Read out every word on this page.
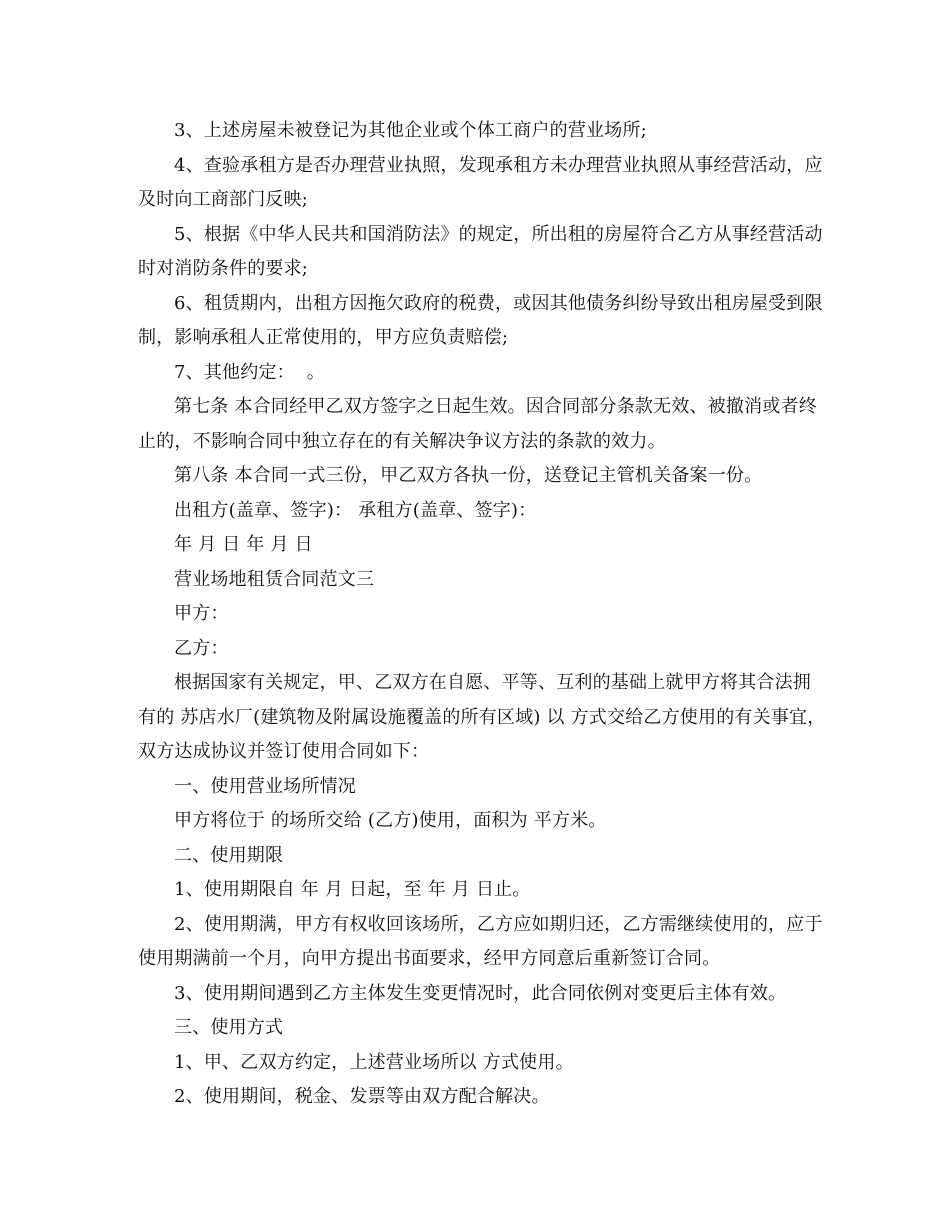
3、上述房屋未被登记为其他企业或个体工商户的营业场所;

4、查验承租方是否办理营业执照，发现承租方未办理营业执照从事经营活动，应及时向工商部门反映;

5、根据《中华人民共和国消防法》的规定，所出租的房屋符合乙方从事经营活动时对消防条件的要求;

6、租赁期内，出租方因拖欠政府的税费，或因其他债务纠纷导致出租房屋受到限制，影响承租人正常使用的，甲方应负责赔偿;

7、其他约定：  。

第七条 本合同经甲乙双方签字之日起生效。因合同部分条款无效、被撤消或者终止的，不影响合同中独立存在的有关解决争议方法的条款的效力。

第八条 本合同一式三份，甲乙双方各执一份，送登记主管机关备案一份。

出租方(盖章、签字)： 承租方(盖章、签字)：

年 月 日 年 月 日

营业场地租赁合同范文三

甲方：

乙方：

根据国家有关规定，甲、乙双方在自愿、平等、互利的基础上就甲方将其合法拥有的 苏店水厂(建筑物及附属设施覆盖的所有区域) 以 方式交给乙方使用的有关事宜，双方达成协议并签订使用合同如下：

一、使用营业场所情况

甲方将位于 的场所交给 (乙方)使用，面积为 平方米。

二、使用期限

1、使用期限自 年 月 日起，至 年 月 日止。

2、使用期满，甲方有权收回该场所，乙方应如期归还，乙方需继续使用的，应于使用期满前一个月，向甲方提出书面要求，经甲方同意后重新签订合同。

3、使用期间遇到乙方主体发生变更情况时，此合同依例对变更后主体有效。

三、使用方式

1、甲、乙双方约定，上述营业场所以 方式使用。

2、使用期间，税金、发票等由双方配合解决。
